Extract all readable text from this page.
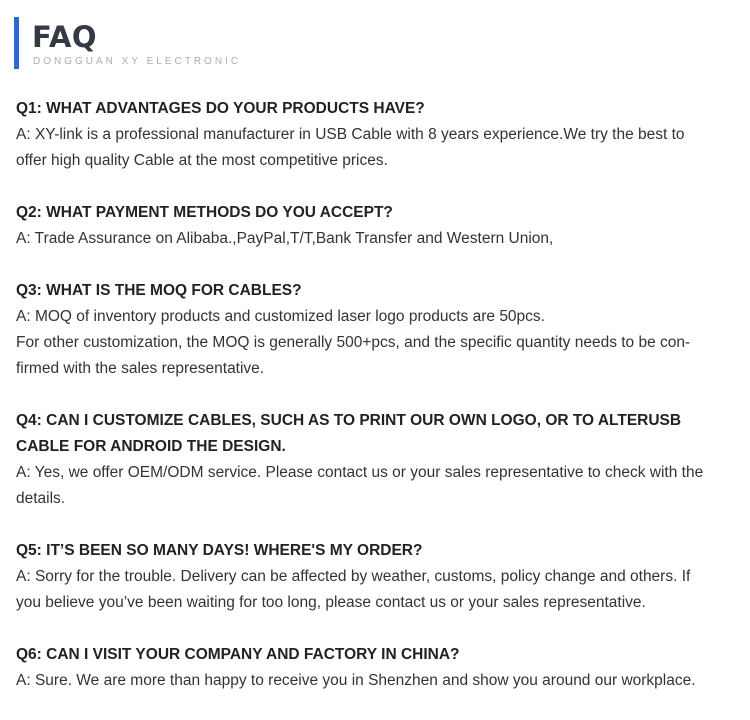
FAQ
DONGGUAN XY ELECTRONIC

Q1: WHAT ADVANTAGES DO YOUR PRODUCTS HAVE?

A: XY-link is a professional manufacturer in USB Cable with 8 years experience.We try the best to
offer high quality Cable at the most competitive prices.

Q2: WHAT PAYMENT METHODS DO YOU ACCEPT?

A: Trade Assurance on Alibaba.,PayPal,T/T,Bank Transfer and Western Union,

Q3: WHAT IS THE MOQ FOR CABLES?

A: MOQ of inventory products and customized laser logo products are 50pcs.
For other customization, the MOQ is generally 500+pcs, and the specific quantity needs to be con-
firmed with the sales representative.

Q4: CAN I CUSTOMIZE CABLES, SUCH AS TO PRINT OUR OWN LOGO, OR TO ALTERUSB
CABLE FOR ANDROID THE DESIGN.

A: Yes, we offer OEM/ODM service. Please contact us or your sales representative to check with the
details.

Q5: IT’S BEEN SO MANY DAYS! WHERE'S MY ORDER?

A: Sorry for the trouble. Delivery can be affected by weather, customs, policy change and others. If
you believe you’ve been waiting for too long, please contact us or your sales representative.

Q6: CAN I VISIT YOUR COMPANY AND FACTORY IN CHINA?

A: Sure. We are more than happy to receive you in Shenzhen and show you around our workplace.
